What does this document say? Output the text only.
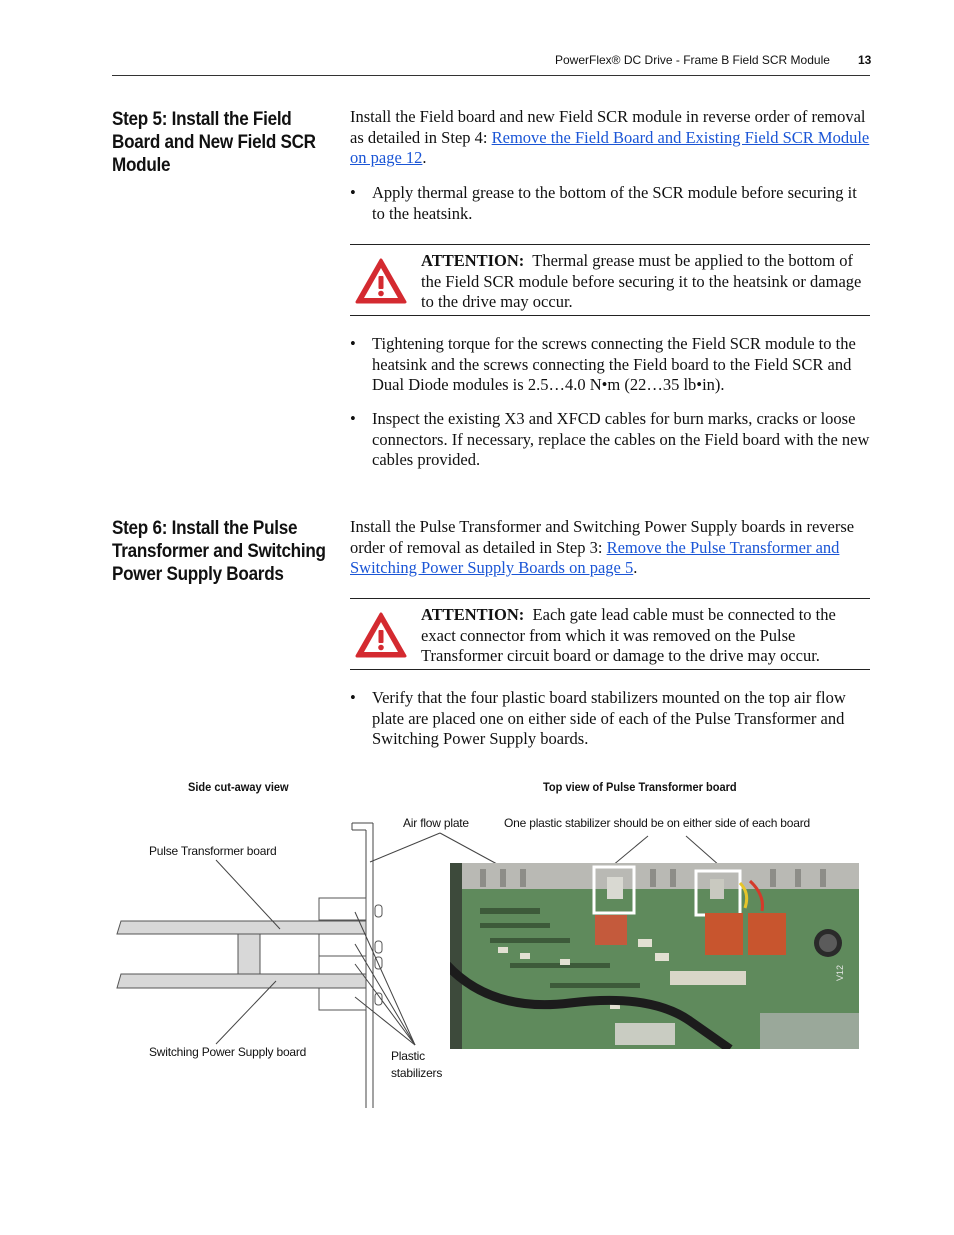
PowerFlex® DC Drive - Frame B Field SCR Module 13
Step 5: Install the Field
Board and New Field SCR
Module
Install the Field board and new Field SCR module in reverse order of removal as detailed in Step 4: Remove the Field Board and Existing Field SCR Module on page 12.
• Apply thermal grease to the bottom of the SCR module before securing it to the heatsink.
ATTENTION: Thermal grease must be applied to the bottom of the Field SCR module before securing it to the heatsink or damage to the drive may occur.
• Tightening torque for the screws connecting the Field SCR module to the heatsink and the screws connecting the Field board to the Field SCR and Dual Diode modules is 2.5…4.0 N•m (22…35 lb•in).
• Inspect the existing X3 and XFCD cables for burn marks, cracks or loose connectors. If necessary, replace the cables on the Field board with the new cables provided.
Step 6: Install the Pulse
Transformer and Switching
Power Supply Boards
Install the Pulse Transformer and Switching Power Supply boards in reverse order of removal as detailed in Step 3: Remove the Pulse Transformer and Switching Power Supply Boards on page 5.
ATTENTION: Each gate lead cable must be connected to the exact connector from which it was removed on the Pulse Transformer circuit board or damage to the drive may occur.
• Verify that the four plastic board stabilizers mounted on the top air flow plate are placed one on either side of each of the Pulse Transformer and Switching Power Supply boards.
Side cut-away view	Top view of Pulse Transformer board
Air flow plate	One plastic stabilizer should be on either side of each board
Pulse Transformer board
Switching Power Supply board	Plastic
stabilizers
V12
